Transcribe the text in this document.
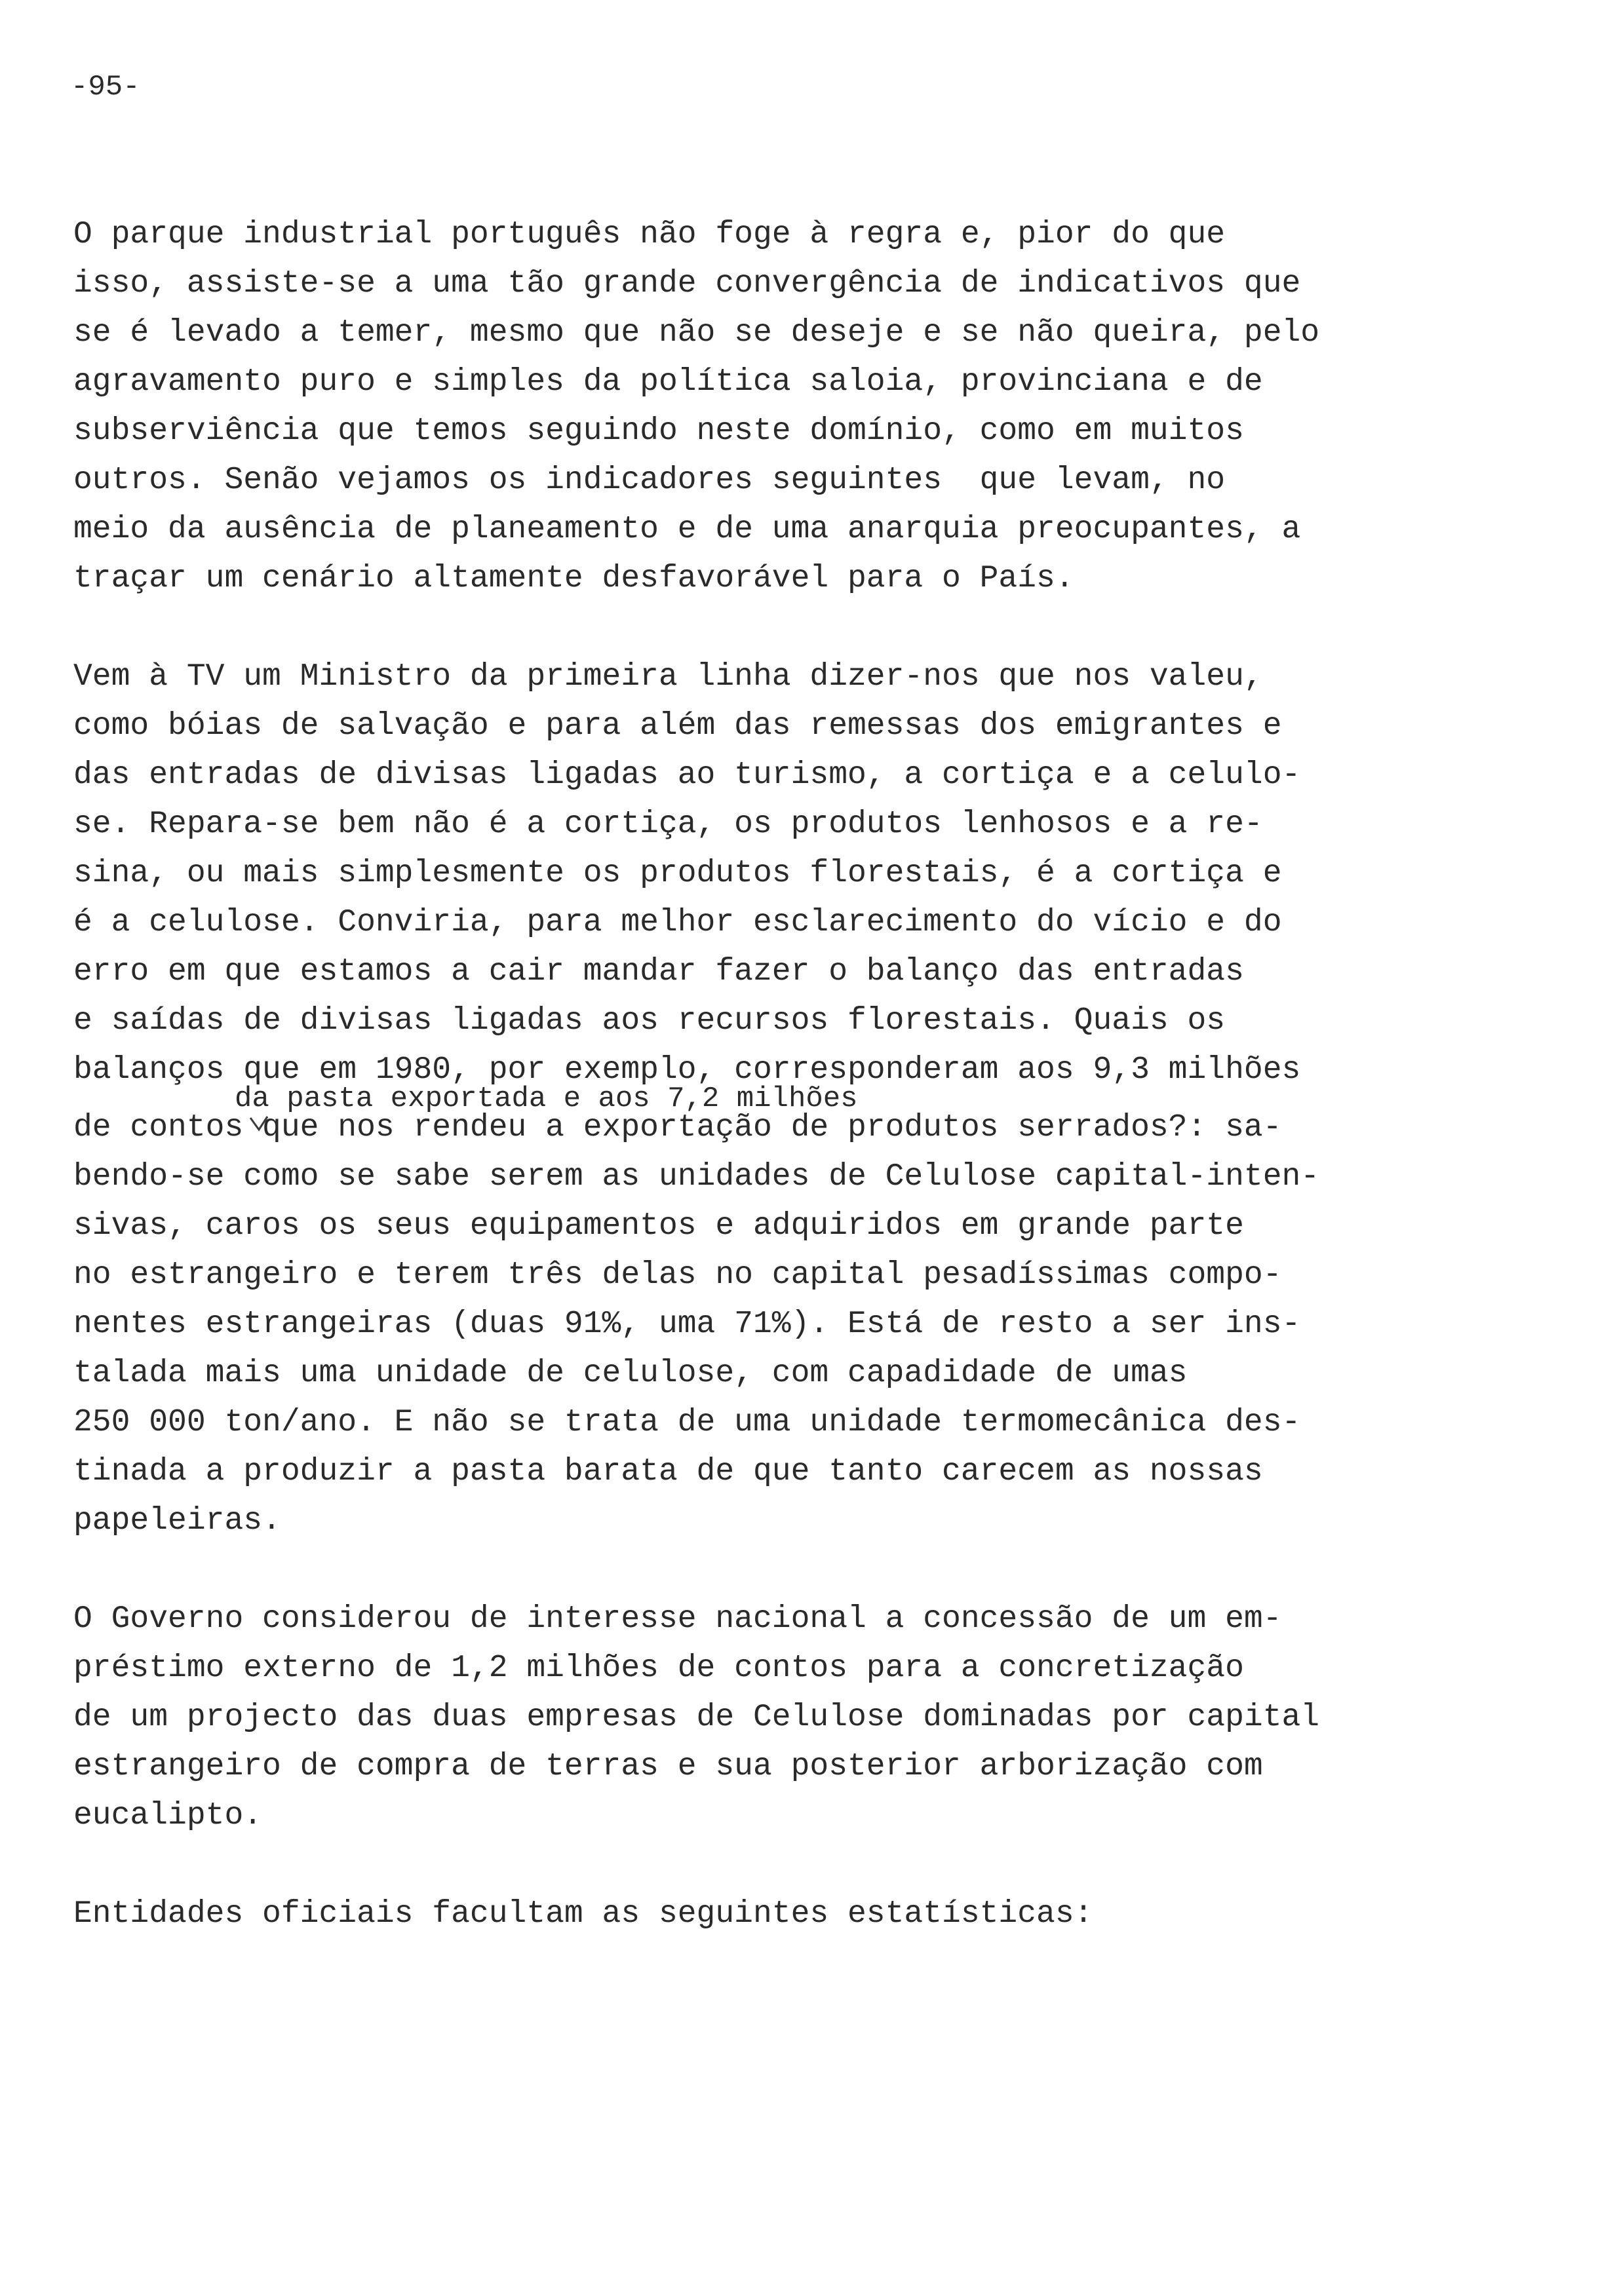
-95-
O parque industrial português não foge à regra e, pior do que
isso, assiste-se a uma tão grande convergência de indicativos que
se é levado a temer, mesmo que não se deseje e se não queira, pelo
agravamento puro e simples da política saloia, provinciana e de
subserviência que temos seguindo neste domínio, como em muitos
outros. Senão vejamos os indicadores seguintes  que levam, no
meio da ausência de planeamento e de uma anarquia preocupantes, a
traçar um cenário altamente desfavorável para o País.
Vem à TV um Ministro da primeira linha dizer-nos que nos valeu,
como bóias de salvação e para além das remessas dos emigrantes e
das entradas de divisas ligadas ao turismo, a cortiça e a celulo-
se. Repara-se bem não é a cortiça, os produtos lenhosos e a re-
sina, ou mais simplesmente os produtos florestais, é a cortiça e
é a celulose. Conviria, para melhor esclarecimento do vício e do
erro em que estamos a cair mandar fazer o balanço das entradas
e saídas de divisas ligadas aos recursos florestais. Quais os
balanços que em 1980, por exemplo, corresponderam aos 9,3 milhões
da pasta exportada e aos 7,2 milhões
de contos que nos rendeu a exportação de produtos serrados?: sa-
bendo-se como se sabe serem as unidades de Celulose capital-inten-
sivas, caros os seus equipamentos e adquiridos em grande parte
no estrangeiro e terem três delas no capital pesadíssimas compo-
nentes estrangeiras (duas 91%, uma 71%). Está de resto a ser ins-
talada mais uma unidade de celulose, com capadidade de umas
250 000 ton/ano. E não se trata de uma unidade termomecânica des-
tinada a produzir a pasta barata de que tanto carecem as nossas
papeleiras.
O Governo considerou de interesse nacional a concessão de um em-
préstimo externo de 1,2 milhões de contos para a concretização
de um projecto das duas empresas de Celulose dominadas por capital
estrangeiro de compra de terras e sua posterior arborização com
eucalipto.
Entidades oficiais facultam as seguintes estatísticas:
